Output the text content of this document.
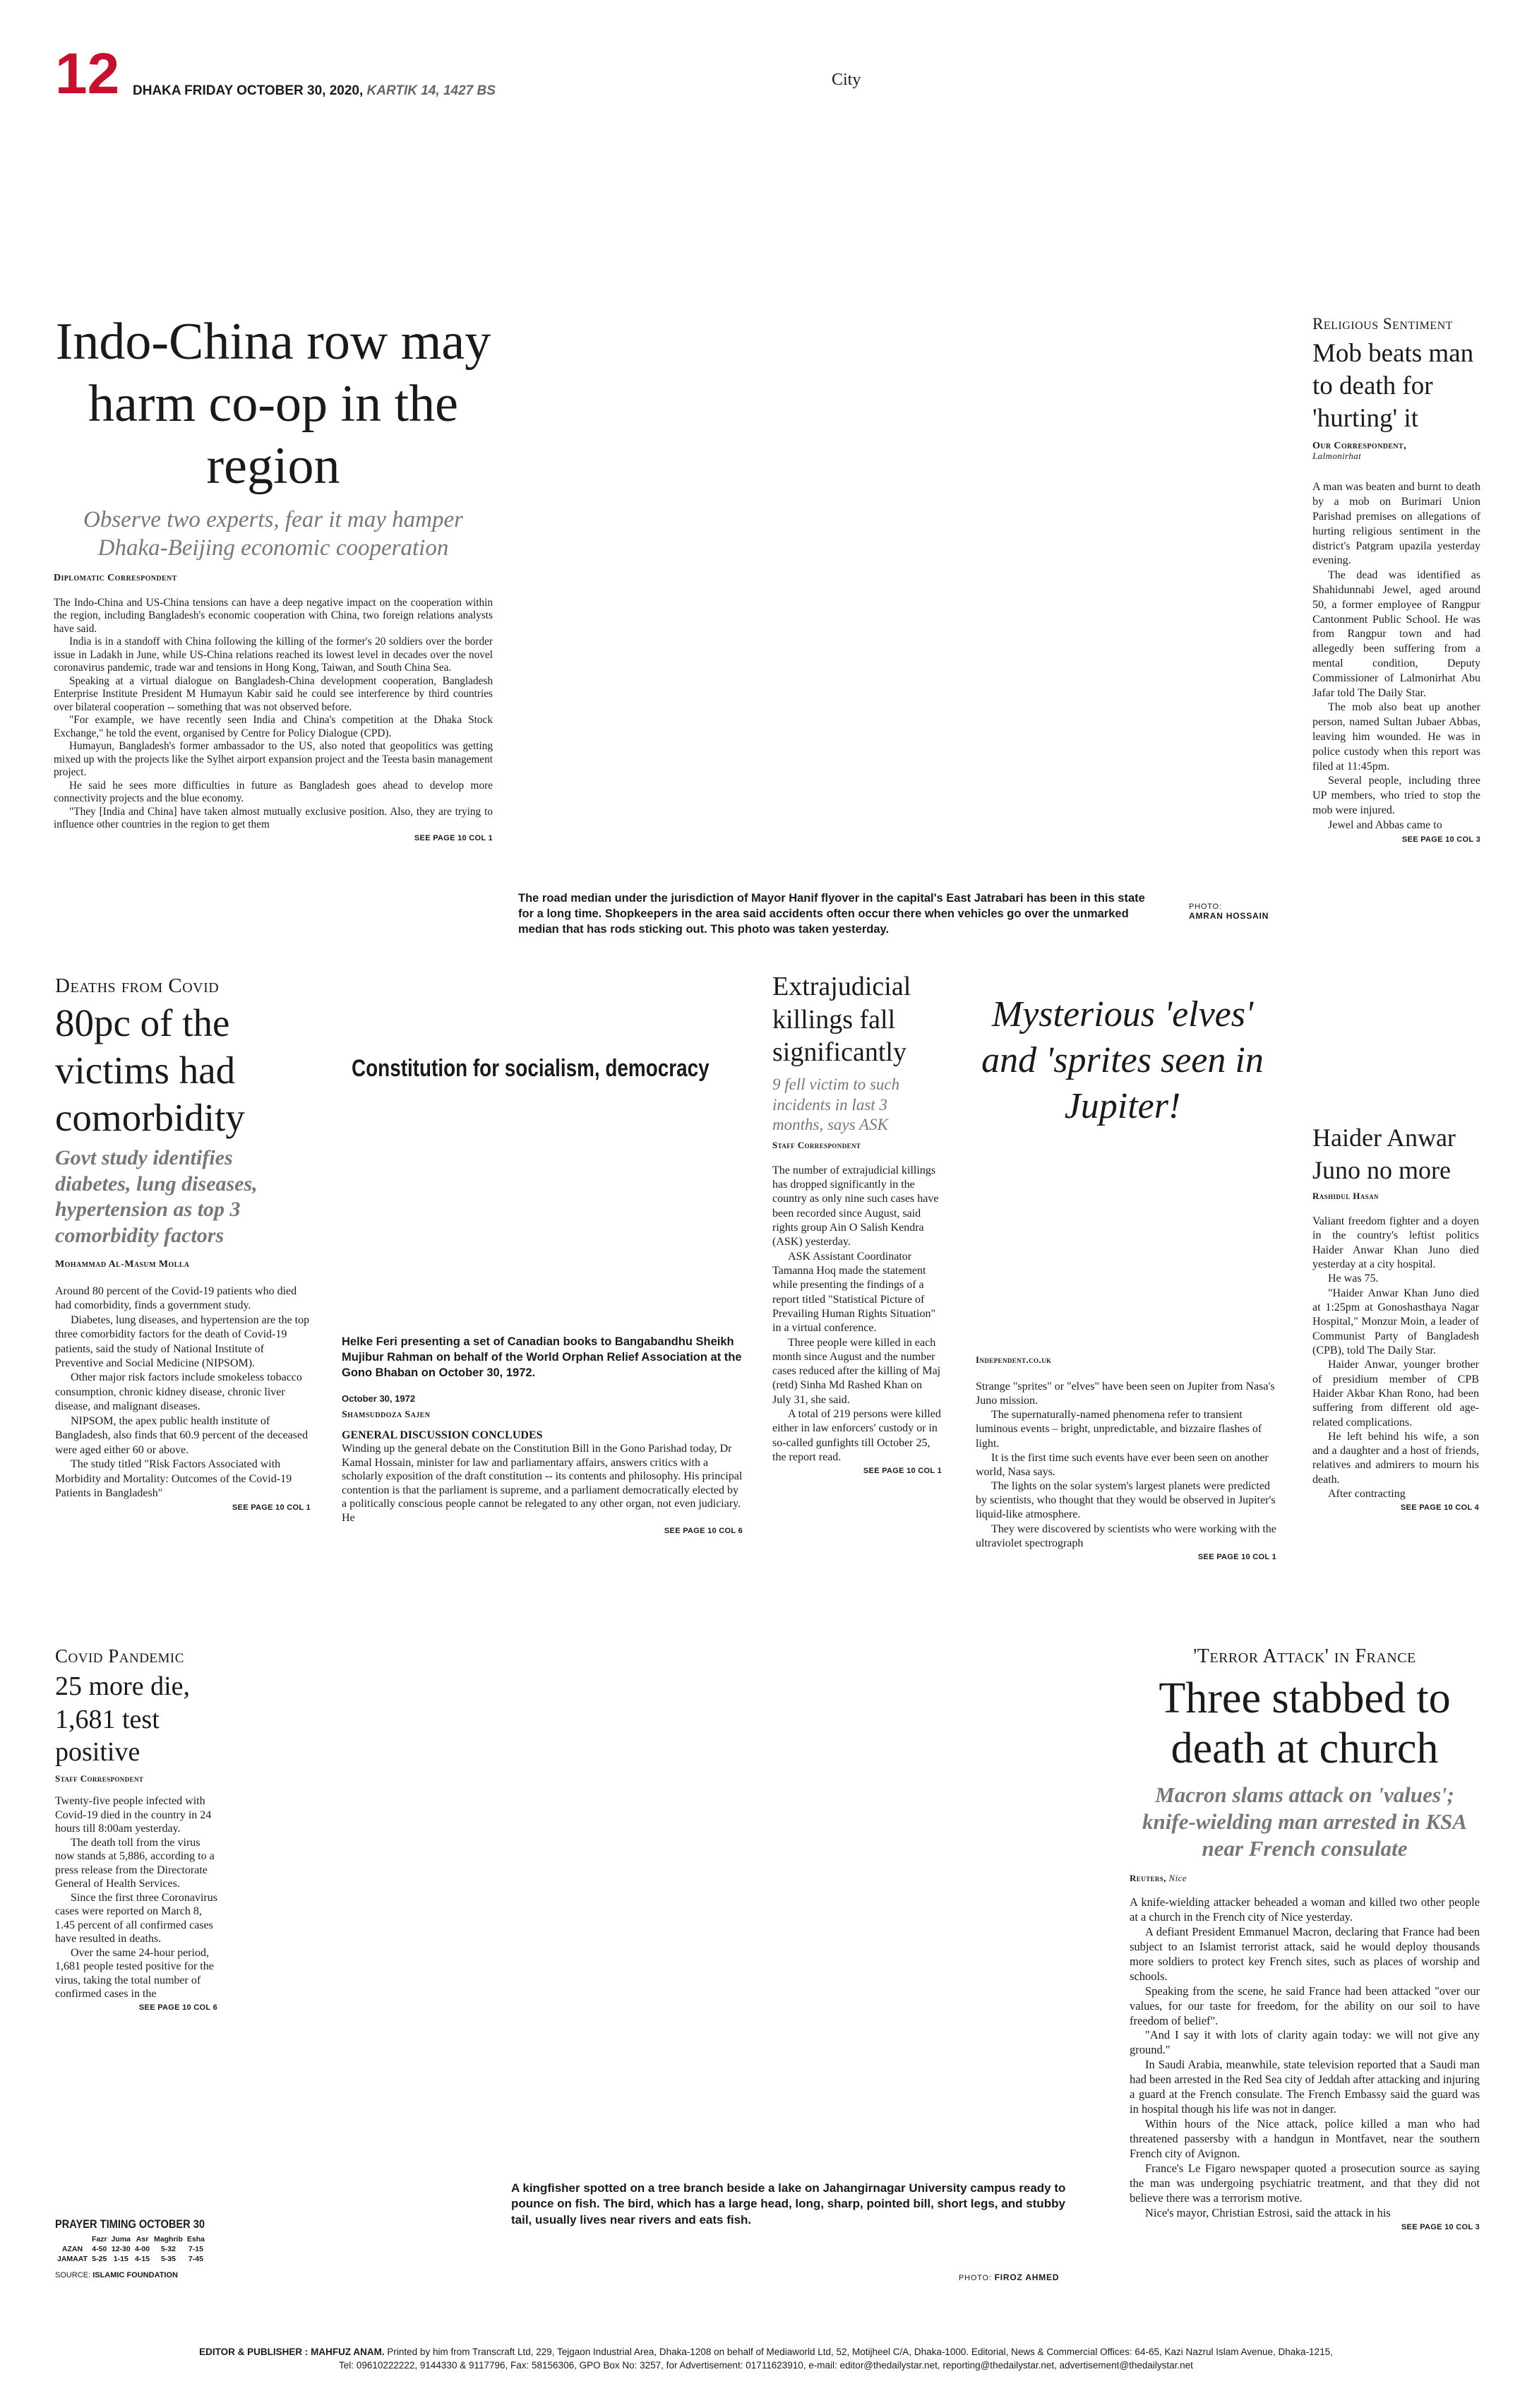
12 DHAKA FRIDAY OCTOBER 30, 2020, KARTIK 14, 1427 BS
City
Indo-China row may harm co-op in the region
Observe two experts, fear it may hamper Dhaka-Beijing economic cooperation
Diplomatic Correspondent

The Indo-China and US-China tensions can have a deep negative impact on the cooperation within the region, including Bangladesh's economic cooperation with China, two foreign relations analysts have said.

India is in a standoff with China following the killing of the former's 20 soldiers over the border issue in Ladakh in June, while US-China relations reached its lowest level in decades over the novel coronavirus pandemic, trade war and tensions in Hong Kong, Taiwan, and South China Sea.

Speaking at a virtual dialogue on Bangladesh-China development cooperation, Bangladesh Enterprise Institute President M Humayun Kabir said he could see interference by third countries over bilateral cooperation -- something that was not observed before.

"For example, we have recently seen India and China's competition at the Dhaka Stock Exchange," he told the event, organised by Centre for Policy Dialogue (CPD).

Humayun, Bangladesh's former ambassador to the US, also noted that geopolitics was getting mixed up with the projects like the Sylhet airport expansion project and the Teesta basin management project.

He said he sees more difficulties in future as Bangladesh goes ahead to develop more connectivity projects and the blue economy.

"They [India and China] have taken almost mutually exclusive position. Also, they are trying to influence other countries in the region to get them

SEE PAGE 10 COL 1
The road median under the jurisdiction of Mayor Hanif flyover in the capital's East Jatrabari has been in this state for a long time. Shopkeepers in the area said accidents often occur there when vehicles go over the unmarked median that has rods sticking out. This photo was taken yesterday.
PHOTO:
AMRAN HOSSAIN
Religious Sentiment
Mob beats man to death for 'hurting' it
Our Correspondent,
Lalmonirhat

A man was beaten and burnt to death by a mob on Burimari Union Parishad premises on allegations of hurting religious sentiment in the district's Patgram upazila yesterday evening.

The dead was identified as Shahidunnabi Jewel, aged around 50, a former employee of Rangpur Cantonment Public School. He was from Rangpur town and had allegedly been suffering from a mental condition, Deputy Commissioner of Lalmonirhat Abu Jafar told The Daily Star.

The mob also beat up another person, named Sultan Jubaer Abbas, leaving him wounded. He was in police custody when this report was filed at 11:45pm.

Several people, including three UP members, who tried to stop the mob were injured.

Jewel and Abbas came to

SEE PAGE 10 COL 3
Deaths from Covid
80pc of the victims had comorbidity
Govt study identifies diabetes, lung diseases, hypertension as top 3 comorbidity factors
Mohammad Al-Masum Molla

Around 80 percent of the Covid-19 patients who died had comorbidity, finds a government study.

Diabetes, lung diseases, and hypertension are the top three comorbidity factors for the death of Covid-19 patients, said the study of National Institute of Preventive and Social Medicine (NIPSOM).

Other major risk factors include smokeless tobacco consumption, chronic kidney disease, chronic liver disease, and malignant diseases.

NIPSOM, the apex public health institute of Bangladesh, also finds that 60.9 percent of the deceased were aged either 60 or above.

The study titled "Risk Factors Associated with Morbidity and Mortality: Outcomes of the Covid-19 Patients in Bangladesh"

SEE PAGE 10 COL 1
Constitution for socialism, democracy
Helke Feri presenting a set of Canadian books to Bangabandhu Sheikh Mujibur Rahman on behalf of the World Orphan Relief Association at the Gono Bhaban on October 30, 1972.
October 30, 1972
Shamsuddoza Sajen
GENERAL DISCUSSION CONCLUDES

Winding up the general debate on the Constitution Bill in the Gono Parishad today, Dr Kamal Hossain, minister for law and parliamentary affairs, answers critics with a scholarly exposition of the draft constitution -- its contents and philosophy. His principal contention is that the parliament is supreme, and a parliament democratically elected by a politically conscious people cannot be relegated to any other organ, not even judiciary. He

SEE PAGE 10 COL 6
Extrajudicial killings fall significantly
9 fell victim to such incidents in last 3 months, says ASK
Staff Correspondent

The number of extrajudicial killings has dropped significantly in the country as only nine such cases have been recorded since August, said rights group Ain O Salish Kendra (ASK) yesterday.

ASK Assistant Coordinator Tamanna Hoq made the statement while presenting the findings of a report titled "Statistical Picture of Prevailing Human Rights Situation" in a virtual conference.

Three people were killed in each month since August and the number cases reduced after the killing of Maj (retd) Sinha Md Rashed Khan on July 31, she said.

A total of 219 persons were killed either in law enforcers' custody or in so-called gunfights till October 25, the report read.

SEE PAGE 10 COL 1
Mysterious 'elves' and 'sprites seen in Jupiter!
Independent.co.uk

Strange "sprites" or "elves" have been seen on Jupiter from Nasa's Juno mission.

The supernaturally-named phenomena refer to transient luminous events – bright, unpredictable, and bizzaire flashes of light.

It is the first time such events have ever been seen on another world, Nasa says.

The lights on the solar system's largest planets were predicted by scientists, who thought that they would be observed in Jupiter's liquid-like atmosphere.

They were discovered by scientists who were working with the ultraviolet spectrograph

SEE PAGE 10 COL 1
Haider Anwar Juno no more
Rashidul Hasan

Valiant freedom fighter and a doyen in the country's leftist politics Haider Anwar Khan Juno died yesterday at a city hospital.

He was 75.

"Haider Anwar Khan Juno died at 1:25pm at Gonoshasthaya Nagar Hospital," Monzur Moin, a leader of Communist Party of Bangladesh (CPB), told The Daily Star.

Haider Anwar, younger brother of presidium member of CPB Haider Akbar Khan Rono, had been suffering from different old age-related complications.

He left behind his wife, a son and a daughter and a host of friends, relatives and admirers to mourn his death.

After contracting

SEE PAGE 10 COL 4
Covid Pandemic
25 more die, 1,681 test positive
Staff Correspondent

Twenty-five people infected with Covid-19 died in the country in 24 hours till 8:00am yesterday.

The death toll from the virus now stands at 5,886, according to a press release from the Directorate General of Health Services.

Since the first three Coronavirus cases were reported on March 8, 1.45 percent of all confirmed cases have resulted in deaths.

Over the same 24-hour period, 1,681 people tested positive for the virus, taking the total number of confirmed cases in the

SEE PAGE 10 COL 6
PRAYER TIMING OCTOBER 30
	Fazr	Juma	Asr	Maghrib	Esha
AZAN	4-50	12-30	4-00	5-32	7-15
JAMAAT	5-25	1-15	4-15	5-35	7-45
SOURCE: ISLAMIC FOUNDATION
A kingfisher spotted on a tree branch beside a lake on Jahangirnagar University campus ready to pounce on fish. The bird, which has a large head, long, sharp, pointed bill, short legs, and stubby tail, usually lives near rivers and eats fish.
PHOTO: FIROZ AHMED
'Terror Attack' in France
Three stabbed to death at church
Macron slams attack on 'values'; knife-wielding man arrested in KSA near French consulate
Reuters, Nice

A knife-wielding attacker beheaded a woman and killed two other people at a church in the French city of Nice yesterday.

A defiant President Emmanuel Macron, declaring that France had been subject to an Islamist terrorist attack, said he would deploy thousands more soldiers to protect key French sites, such as places of worship and schools.

Speaking from the scene, he said France had been attacked "over our values, for our taste for freedom, for the ability on our soil to have freedom of belief".

"And I say it with lots of clarity again today: we will not give any ground."

In Saudi Arabia, meanwhile, state television reported that a Saudi man had been arrested in the Red Sea city of Jeddah after attacking and injuring a guard at the French consulate. The French Embassy said the guard was in hospital though his life was not in danger.

Within hours of the Nice attack, police killed a man who had threatened passersby with a handgun in Montfavet, near the southern French city of Avignon.

France's Le Figaro newspaper quoted a prosecution source as saying the man was undergoing psychiatric treatment, and that they did not believe there was a terrorism motive.

Nice's mayor, Christian Estrosi, said the attack in his

SEE PAGE 10 COL 3
EDITOR & PUBLISHER : MAHFUZ ANAM. Printed by him from Transcraft Ltd, 229, Tejgaon Industrial Area, Dhaka-1208 on behalf of Mediaworld Ltd, 52, Motijheel C/A, Dhaka-1000. Editorial, News & Commercial Offices: 64-65, Kazi Nazrul Islam Avenue, Dhaka-1215,
Tel: 09610222222, 9144330 & 9117796, Fax: 58156306, GPO Box No: 3257, for Advertisement: 01711623910, e-mail: editor@thedailystar.net, reporting@thedailystar.net, advertisement@thedailystar.net
